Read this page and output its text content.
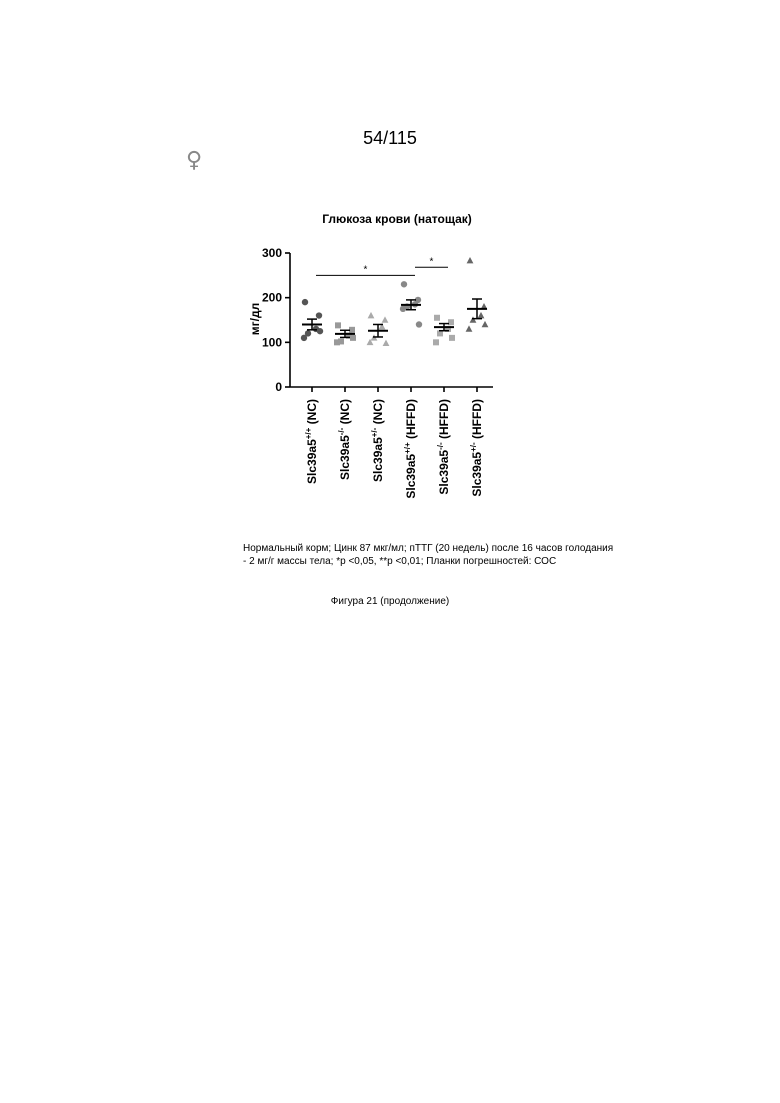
54/115
♀
Глюкоза крови (натощак)
мг/дл
0
100
200
300
Slc39a5+/+ (NC)
Slc39a5-/- (NC)
Slc39a5+/- (NC)
Slc39a5+/+ (HFFD)
Slc39a5-/- (HFFD)
Slc39a5+/- (HFFD)
*
*
Нормальный корм; Цинк 87 мкг/мл; пТТГ (20 недель) после 16 часов голодания
- 2 мг/г массы тела; *р <0,05, **р <0,01; Планки погрешностей: СОС
Фигура 21 (продолжение)
